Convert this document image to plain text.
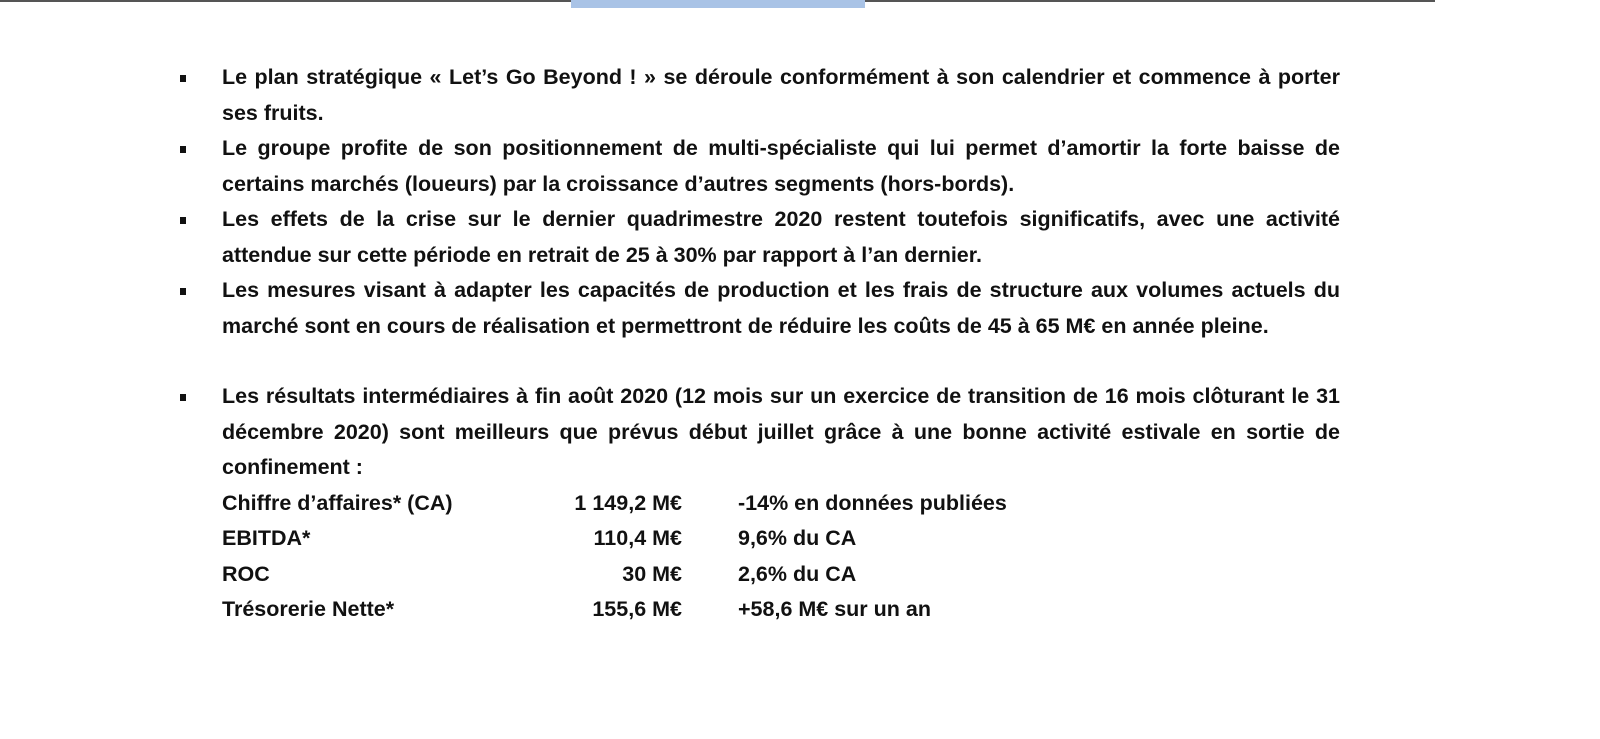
Le plan stratégique « Let’s Go Beyond ! » se déroule conformément à son calendrier et commence à porter ses fruits.
Le groupe profite de son positionnement de multi-spécialiste qui lui permet d’amortir la forte baisse de certains marchés (loueurs) par la croissance d’autres segments (hors-bords).
Les effets de la crise sur le dernier quadrimestre 2020 restent toutefois significatifs, avec une activité attendue sur cette période en retrait de 25 à 30% par rapport à l’an dernier.
Les mesures visant à adapter les capacités de production et les frais de structure aux volumes actuels du marché sont en cours de réalisation et permettront de réduire les coûts de 45 à 65 M€ en année pleine.
Les résultats intermédiaires à fin août 2020 (12 mois sur un exercice de transition de 16 mois clôturant le 31 décembre 2020) sont meilleurs que prévus début juillet grâce à une bonne activité estivale en sortie de confinement :
Chiffre d’affaires* (CA)	1 149,2 M€	-14% en données publiées
EBITDA*	110,4 M€	9,6% du CA
ROC	30 M€	2,6% du CA
Trésorerie Nette*	155,6 M€	+58,6 M€ sur un an
